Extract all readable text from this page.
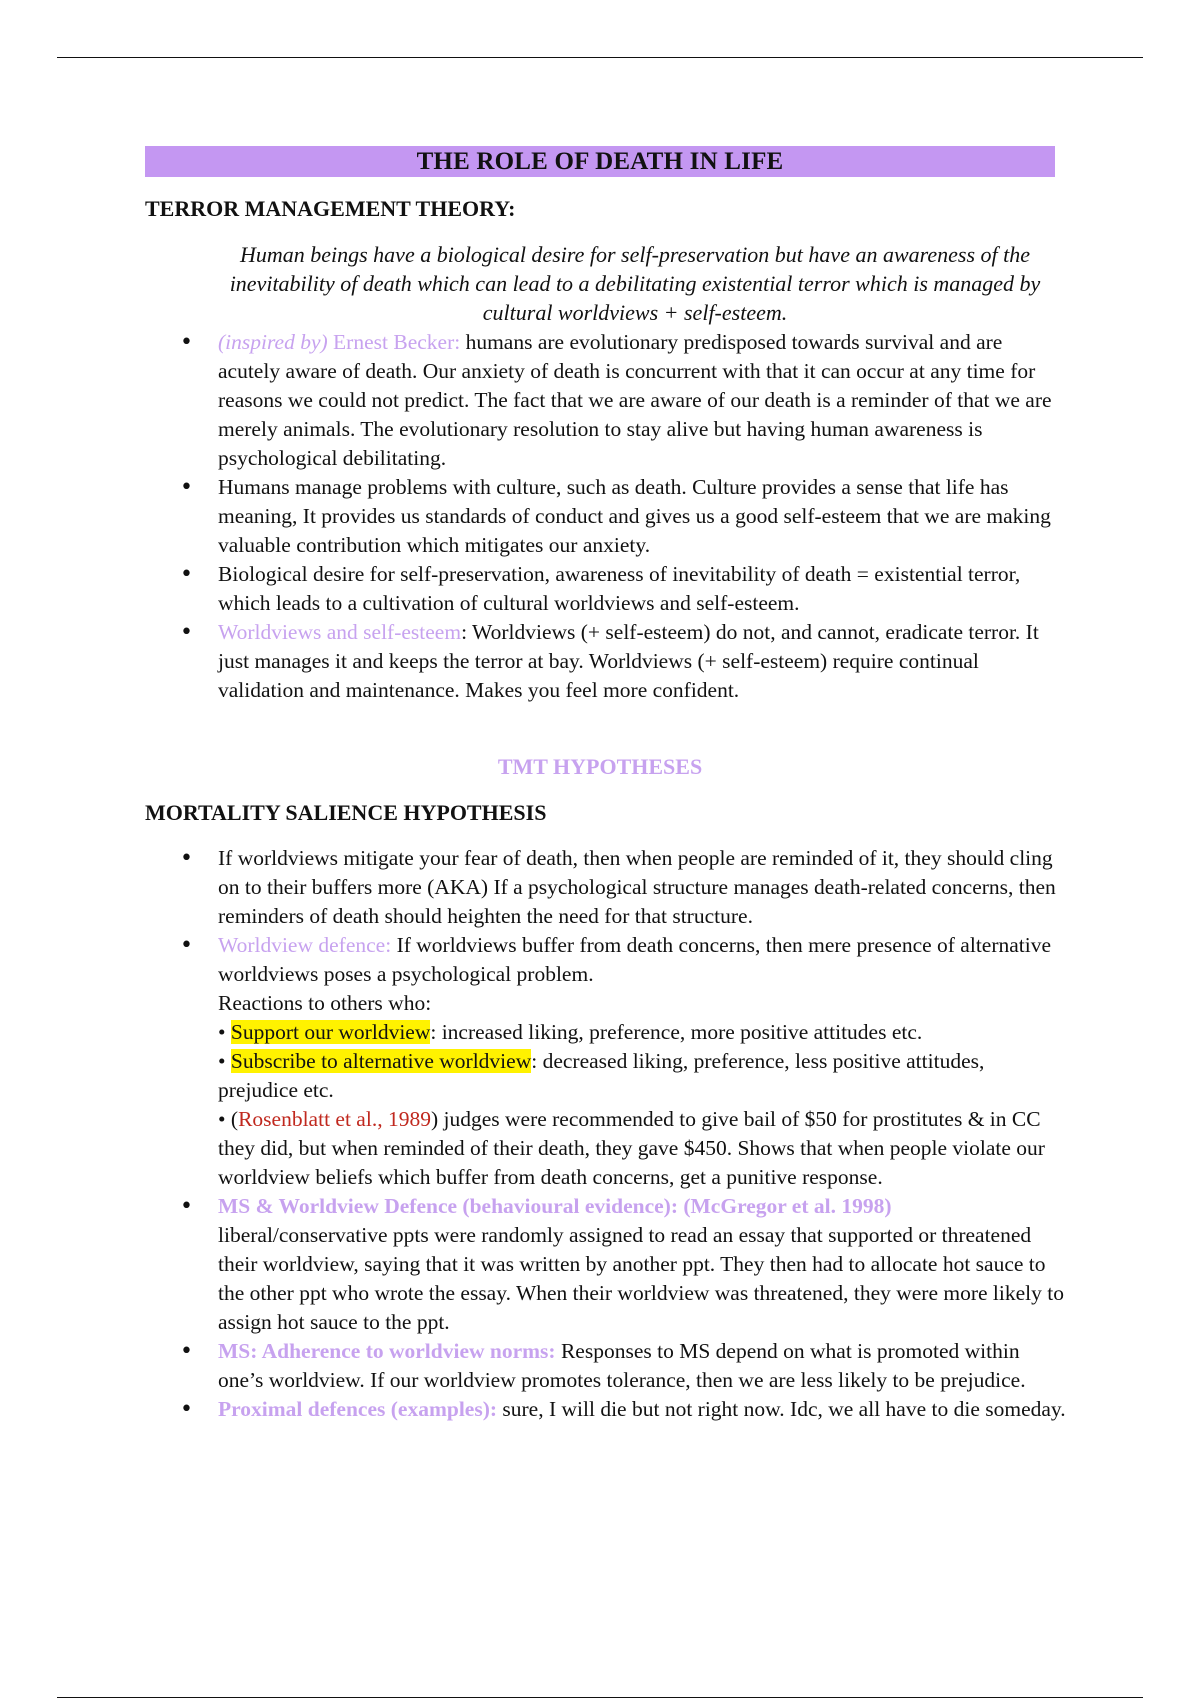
THE ROLE OF DEATH IN LIFE
TERROR MANAGEMENT THEORY:
Human beings have a biological desire for self-preservation but have an awareness of the inevitability of death which can lead to a debilitating existential terror which is managed by cultural worldviews + self-esteem.
• (inspired by) Ernest Becker: humans are evolutionary predisposed towards survival and are acutely aware of death. Our anxiety of death is concurrent with that it can occur at any time for reasons we could not predict. The fact that we are aware of our death is a reminder of that we are merely animals. The evolutionary resolution to stay alive but having human awareness is psychological debilitating.
• Humans manage problems with culture, such as death. Culture provides a sense that life has meaning, It provides us standards of conduct and gives us a good self-esteem that we are making valuable contribution which mitigates our anxiety.
• Biological desire for self-preservation, awareness of inevitability of death = existential terror, which leads to a cultivation of cultural worldviews and self-esteem.
• Worldviews and self-esteem: Worldviews (+ self-esteem) do not, and cannot, eradicate terror. It just manages it and keeps the terror at bay. Worldviews (+ self-esteem) require continual validation and maintenance. Makes you feel more confident.
TMT HYPOTHESES
MORTALITY SALIENCE HYPOTHESIS
• If worldviews mitigate your fear of death, then when people are reminded of it, they should cling on to their buffers more (AKA) If a psychological structure manages death-related concerns, then reminders of death should heighten the need for that structure.
• Worldview defence: If worldviews buffer from death concerns, then mere presence of alternative worldviews poses a psychological problem.
Reactions to others who:
• Support our worldview: increased liking, preference, more positive attitudes etc.
• Subscribe to alternative worldview: decreased liking, preference, less positive attitudes, prejudice etc.
• (Rosenblatt et al., 1989) judges were recommended to give bail of $50 for prostitutes & in CC they did, but when reminded of their death, they gave $450. Shows that when people violate our worldview beliefs which buffer from death concerns, get a punitive response.
• MS & Worldview Defence (behavioural evidence): (McGregor et al. 1998)
liberal/conservative ppts were randomly assigned to read an essay that supported or threatened their worldview, saying that it was written by another ppt. They then had to allocate hot sauce to the other ppt who wrote the essay. When their worldview was threatened, they were more likely to assign hot sauce to the ppt.
• MS: Adherence to worldview norms: Responses to MS depend on what is promoted within one’s worldview. If our worldview promotes tolerance, then we are less likely to be prejudice.
• Proximal defences (examples): sure, I will die but not right now. Idc, we all have to die someday.
